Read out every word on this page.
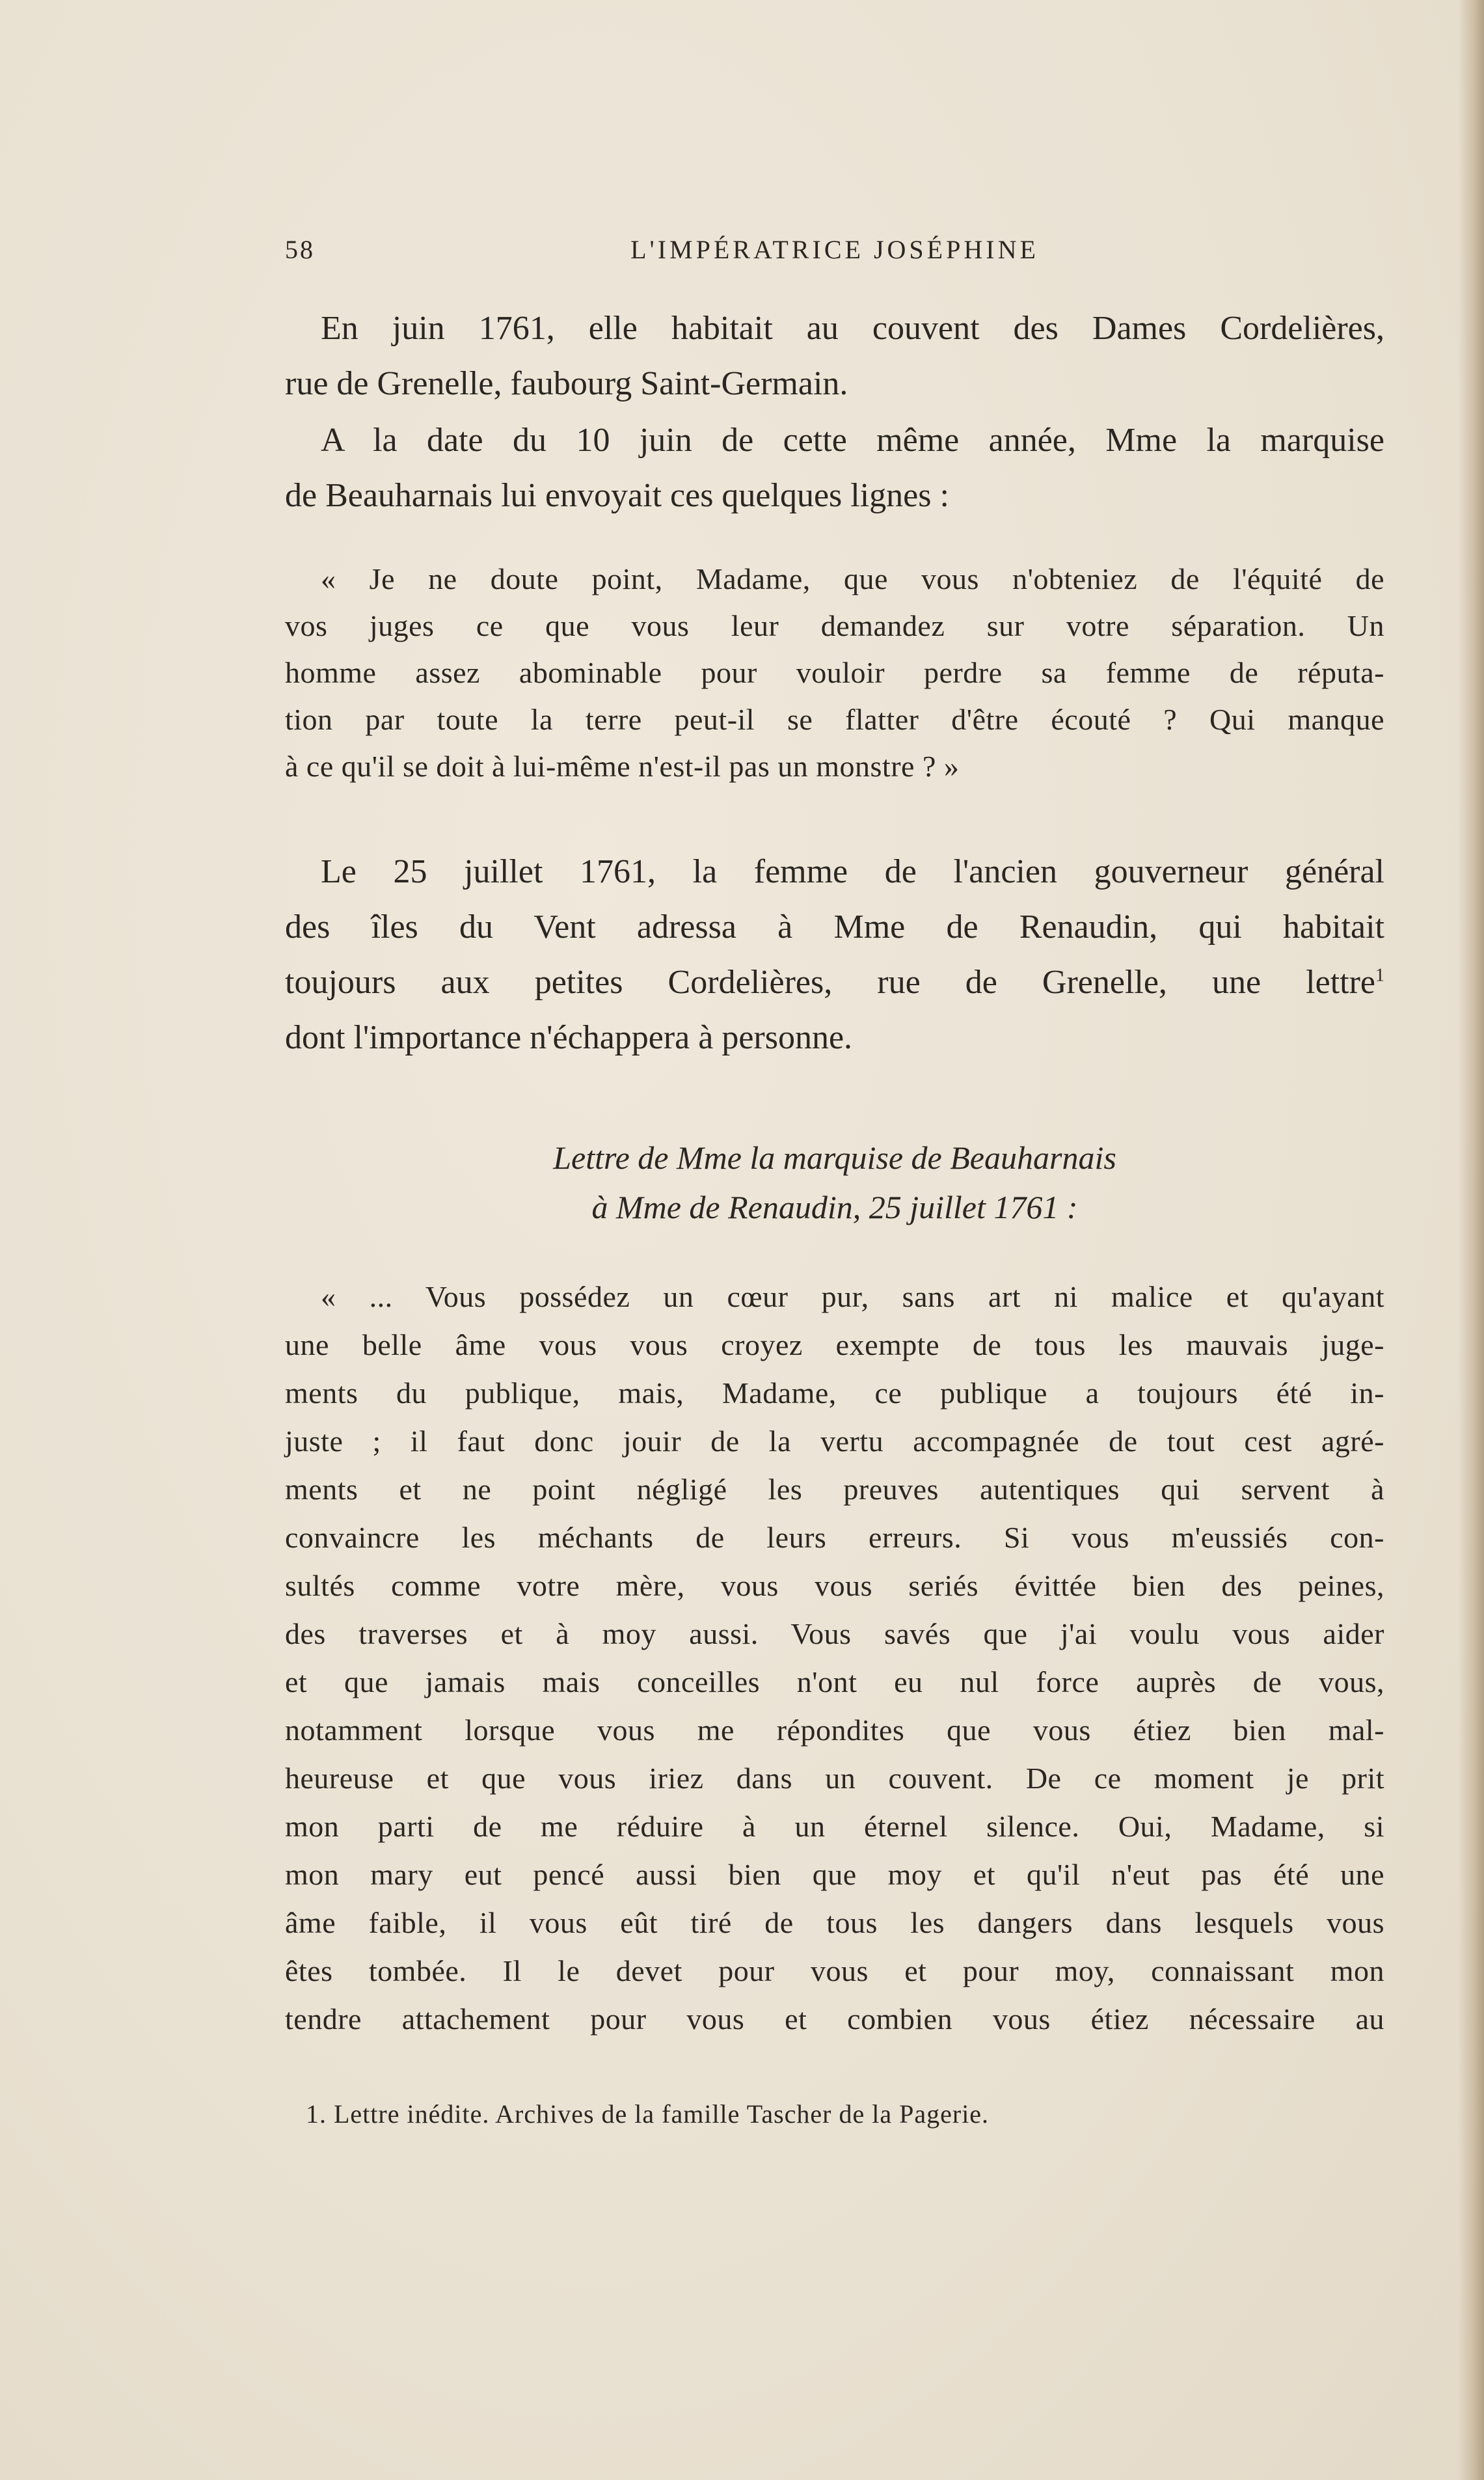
58	L'IMPÉRATRICE JOSÉPHINE
En juin 1761, elle habitait au couvent des Dames Cordelières,
rue de Grenelle, faubourg Saint-Germain.
A la date du 10 juin de cette même année, Mme la marquise
de Beauharnais lui envoyait ces quelques lignes :
« Je ne doute point, Madame, que vous n'obteniez de l'équité de
vos juges ce que vous leur demandez sur votre séparation. Un
homme assez abominable pour vouloir perdre sa femme de réputa-
tion par toute la terre peut-il se flatter d'être écouté ? Qui manque
à ce qu'il se doit à lui-même n'est-il pas un monstre ? »
Le 25 juillet 1761, la femme de l'ancien gouverneur général
des îles du Vent adressa à Mme de Renaudin, qui habitait
toujours aux petites Cordelières, rue de Grenelle, une lettre$^1$
dont l'importance n'échappera à personne.
Lettre de Mme la marquise de Beauharnais
à Mme de Renaudin, 25 juillet 1761 :
« ... Vous possédez un cœur pur, sans art ni malice et qu'ayant
une belle âme vous vous croyez exempte de tous les mauvais juge-
ments du publique, mais, Madame, ce publique a toujours été in-
juste ; il faut donc jouir de la vertu accompagnée de tout cest agré-
ments et ne point négligé les preuves autentiques qui servent à
convaincre les méchants de leurs erreurs. Si vous m'eussiés con-
sultés comme votre mère, vous vous seriés évittée bien des peines,
des traverses et à moy aussi. Vous savés que j'ai voulu vous aider
et que jamais mais conceilles n'ont eu nul force auprès de vous,
notamment lorsque vous me répondites que vous étiez bien mal-
heureuse et que vous iriez dans un couvent. De ce moment je prit
mon parti de me réduire à un éternel silence. Oui, Madame, si
mon mary eut pencé aussi bien que moy et qu'il n'eut pas été une
âme faible, il vous eût tiré de tous les dangers dans lesquels vous
êtes tombée. Il le devet pour vous et pour moy, connaissant mon
tendre attachement pour vous et combien vous étiez nécessaire au
1. Lettre inédite. Archives de la famille Tascher de la Pagerie.
